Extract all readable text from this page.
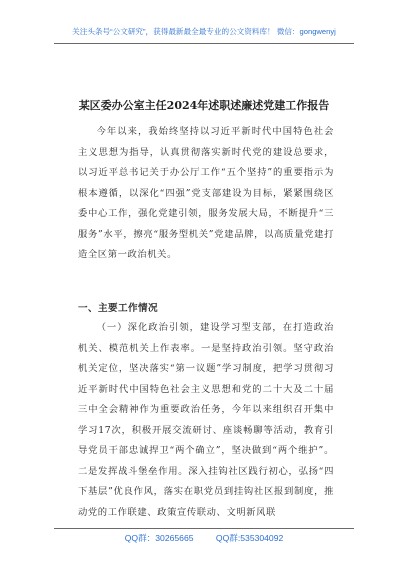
关注头条号“公文研究”，获得最新最全最专业的公文资料库！ 微信：gongwenyj
某区委办公室主任2024年述职述廉述党建工作报告

今年以来，我始终坚持以习近平新时代中国特色社会主义思想为指导，认真贯彻落实新时代党的建设总要求，以习近平总书记关于办公厅工作“五个坚持”的重要指示为根本遵循，以深化“四强”党支部建设为目标，紧紧围绕区委中心工作，强化党建引领，服务发展大局，不断提升“三服务”水平，擦亮“服务型机关”党建品牌，以高质量党建打造全区第一政治机关。

一、主要工作情况

（一）深化政治引领，建设学习型支部，在打造政治机关、模范机关上作表率。一是坚持政治引领。坚守政治机关定位，坚决落实“第一议题”学习制度，把学习贯彻习近平新时代中国特色社会主义思想和党的二十大及二十届三中全会精神作为重要政治任务，今年以来组织召开集中学习17次，积极开展交流研讨、座谈畅聊等活动，教育引导党员干部忠诚捍卫“两个确立”，坚决做到“两个维护”。二是发挥战斗堡垒作用。深入挂钩社区践行初心，弘扬“四下基层”优良作风，落实在职党员到挂钩社区报到制度，推动党的工作联建、政策宣传联动、文明新风联

QQ群：30265665	QQ群:535304092
